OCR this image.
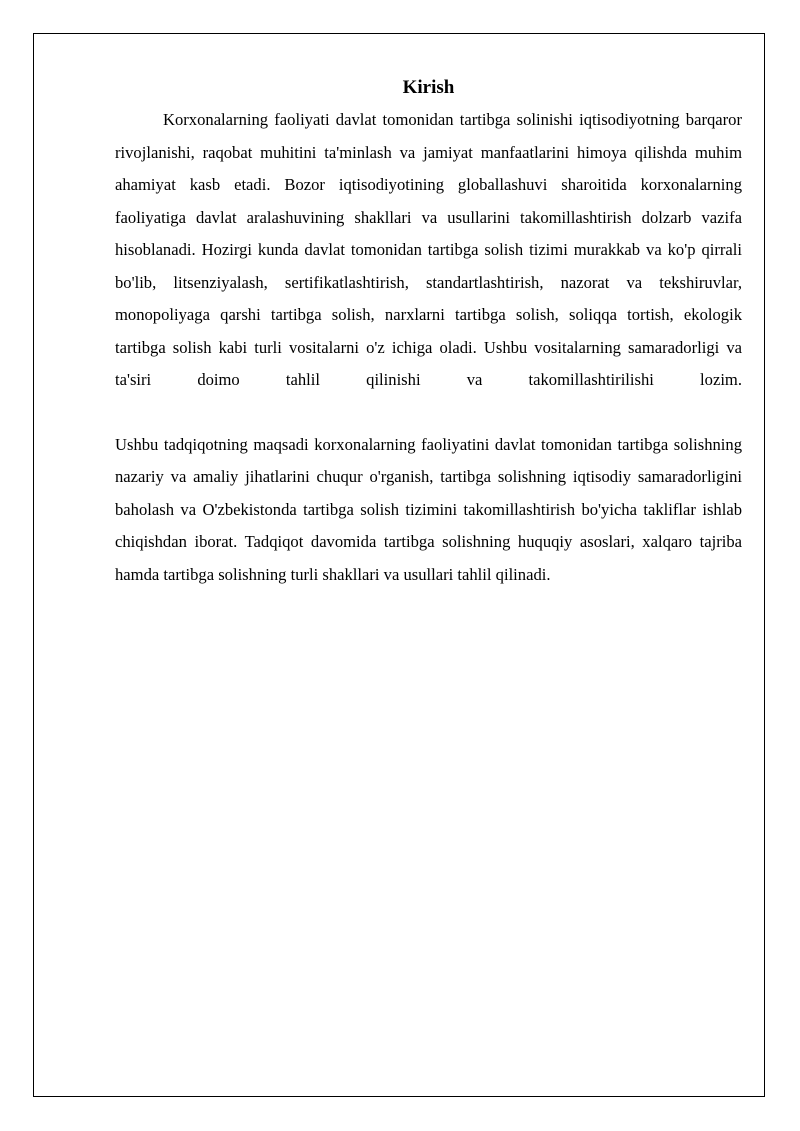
Kirish

Korxonalarning faoliyati davlat tomonidan tartibga solinishi iqtisodiyotning barqaror rivojlanishi, raqobat muhitini ta'minlash va jamiyat manfaatlarini himoya qilishda muhim ahamiyat kasb etadi. Bozor iqtisodiyotining globallashuvi sharoitida korxonalarning faoliyatiga davlat aralashuvining shakllari va usullarini takomillashtirish dolzarb vazifa hisoblanadi. Hozirgi kunda davlat tomonidan tartibga solish tizimi murakkab va ko'p qirrali bo'lib, litsenziyalash, sertifikatlashtirish, standartlashtirish, nazorat va tekshiruvlar, monopoliyaga qarshi tartibga solish, narxlarni tartibga solish, soliqqa tortish, ekologik tartibga solish kabi turli vositalarni o'z ichiga oladi. Ushbu vositalarning samaradorligi va ta'siri doimo tahlil qilinishi va takomillashtirilishi lozim.

Ushbu tadqiqotning maqsadi korxonalarning faoliyatini davlat tomonidan tartibga solishning nazariy va amaliy jihatlarini chuqur o'rganish, tartibga solishning iqtisodiy samaradorligini baholash va O'zbekistonda tartibga solish tizimini takomillashtirish bo'yicha takliflar ishlab chiqishdan iborat. Tadqiqot davomida tartibga solishning huquqiy asoslari, xalqaro tajriba hamda tartibga solishning turli shakllari va usullari tahlil qilinadi.
